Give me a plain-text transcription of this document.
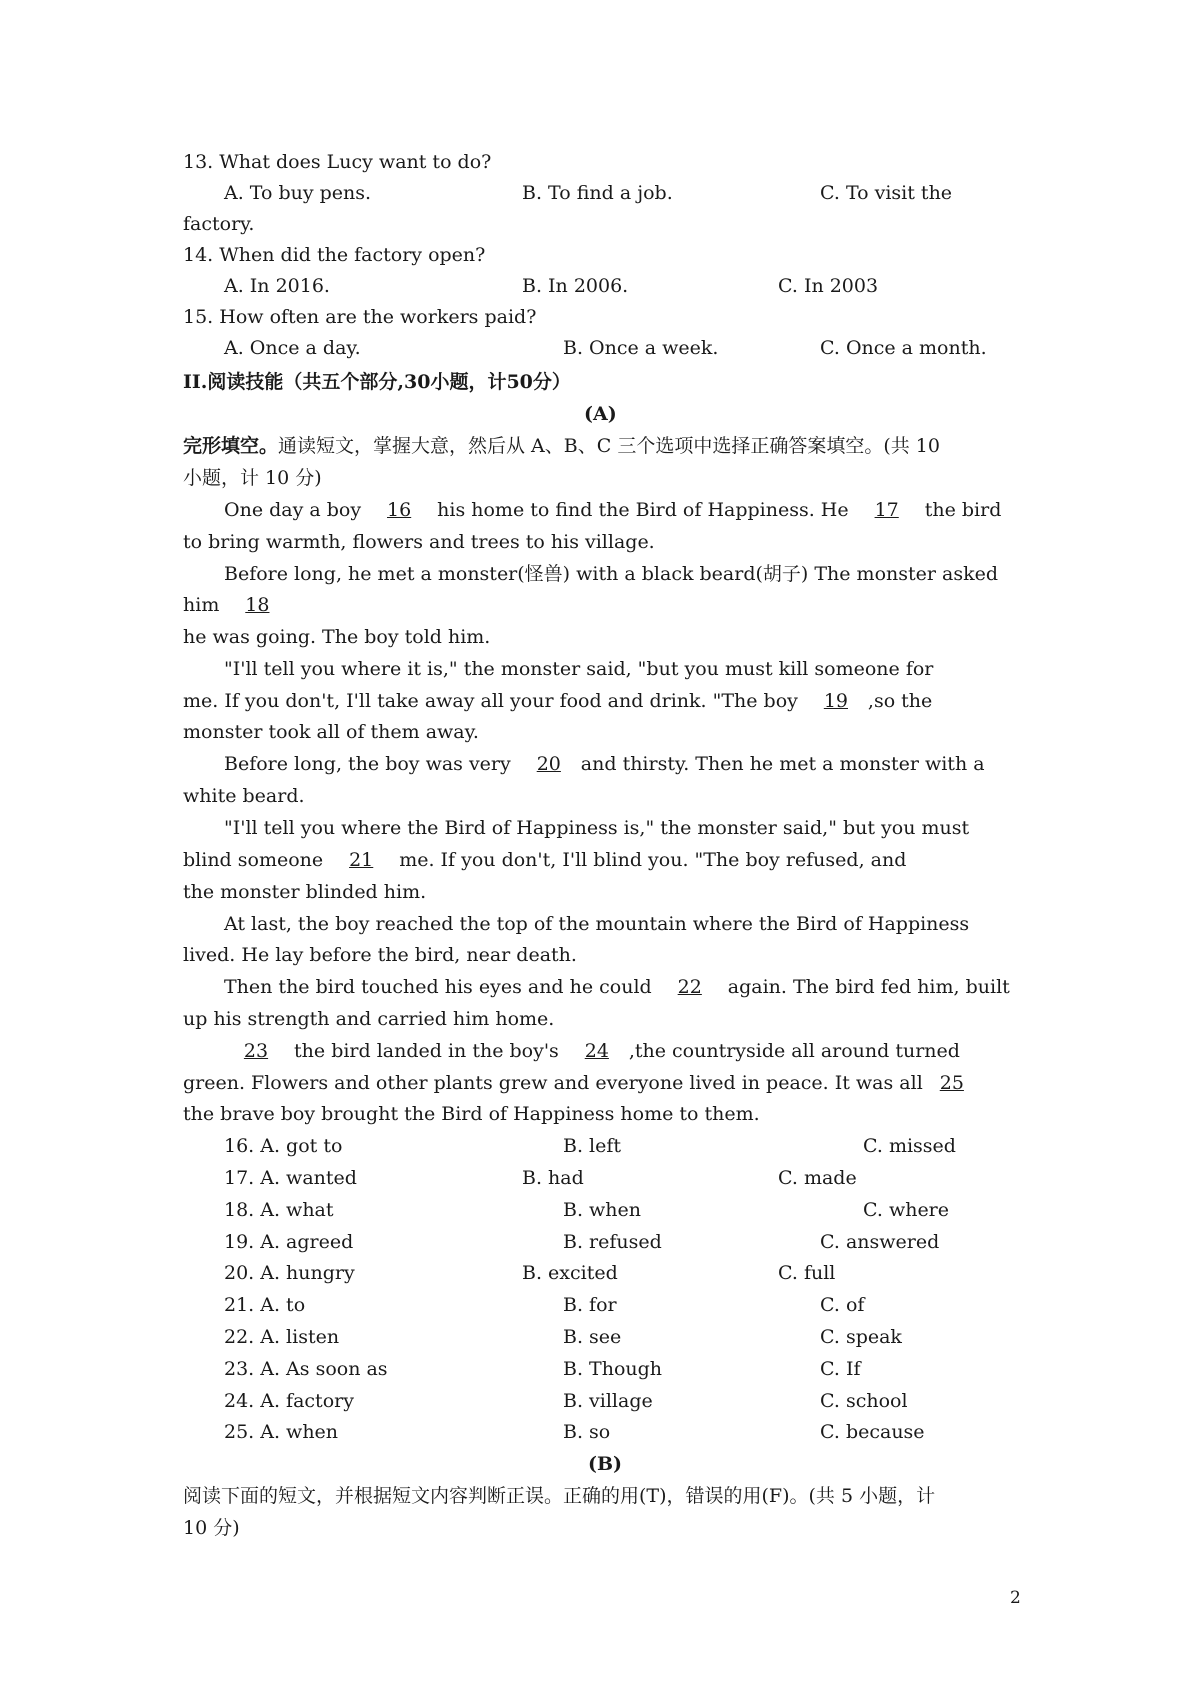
13. What does Lucy want to do?
A. To buy pens.	B. To find a job.	C. To visit the
factory.
14. When did the factory open?
A. In 2016.	B. In 2006.	C. In 2003
15. How often are the workers paid?
A. Once a day.	B. Once a week.	C. Once a month.
II.阅读技能（共五个部分,30小题，计50分）
(A)
完形填空。通读短文，掌握大意，然后从 A、B、C 三个选项中选择正确答案填空。(共 10
小题，计 10 分)
One day a boy 16 his home to find the Bird of Happiness. He 17 the bird
to bring warmth, flowers and trees to his village.
Before long, he met a monster(怪兽) with a black beard(胡子) The monster asked
him 18
he was going. The boy told him.
"I'll tell you where it is," the monster said, "but you must kill someone for
me. If you don't, I'll take away all your food and drink. "The boy 19,so the
monster took all of them away.
Before long, the boy was very 20and thirsty. Then he met a monster with a
white beard.
"I'll tell you where the Bird of Happiness is," the monster said," but you must
blind someone 21 me. If you don't, I'll blind you. "The boy refused, and
the monster blinded him.
At last, the boy reached the top of the mountain where the Bird of Happiness
lived. He lay before the bird, near death.
Then the bird touched his eyes and he could 22 again. The bird fed him, built
up his strength and carried him home.
23 the bird landed in the boy's 24,the countryside all around turned
green. Flowers and other plants grew and everyone lived in peace. It was all 25
the brave boy brought the Bird of Happiness home to them.
16. A. got to	B. left	C. missed
17. A. wanted	B. had	C. made
18. A. what	B. when	C. where
19. A. agreed	B. refused	C. answered
20. A. hungry	B. excited	C. full
21. A. to	B. for	C. of
22. A. listen	B. see	C. speak
23. A. As soon as	B. Though	C. If
24. A. factory	B. village	C. school
25. A. when	B. so	C. because
(B)
阅读下面的短文，并根据短文内容判断正误。正确的用(T)，错误的用(F)。(共 5 小题，计
10 分)
2
